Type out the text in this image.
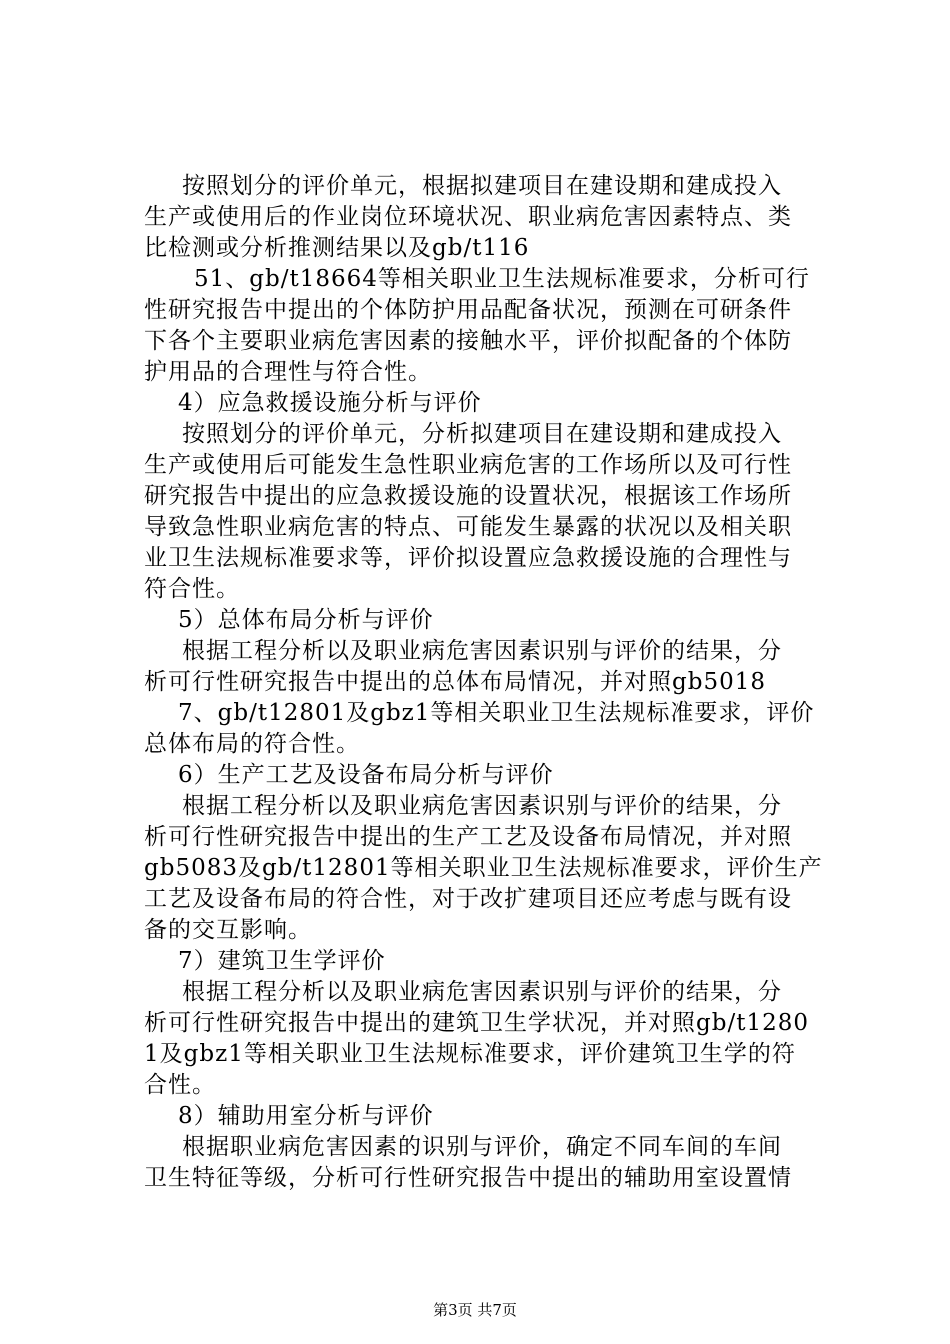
按照划分的评价单元，根据拟建项目在建设期和建成投入
生产或使用后的作业岗位环境状况、职业病危害因素特点、类
比检测或分析推测结果以及gb/t116
51、gb/t18664等相关职业卫生法规标准要求，分析可行
性研究报告中提出的个体防护用品配备状况，预测在可研条件
下各个主要职业病危害因素的接触水平，评价拟配备的个体防
护用品的合理性与符合性。
4）应急救援设施分析与评价
按照划分的评价单元，分析拟建项目在建设期和建成投入
生产或使用后可能发生急性职业病危害的工作场所以及可行性
研究报告中提出的应急救援设施的设置状况，根据该工作场所
导致急性职业病危害的特点、可能发生暴露的状况以及相关职
业卫生法规标准要求等，评价拟设置应急救援设施的合理性与
符合性。
5）总体布局分析与评价
根据工程分析以及职业病危害因素识别与评价的结果，分
析可行性研究报告中提出的总体布局情况，并对照gb5018
7、gb/t12801及gbz1等相关职业卫生法规标准要求，评价
总体布局的符合性。
6）生产工艺及设备布局分析与评价
根据工程分析以及职业病危害因素识别与评价的结果，分
析可行性研究报告中提出的生产工艺及设备布局情况，并对照
gb5083及gb/t12801等相关职业卫生法规标准要求，评价生产
工艺及设备布局的符合性，对于改扩建项目还应考虑与既有设
备的交互影响。
7）建筑卫生学评价
根据工程分析以及职业病危害因素识别与评价的结果，分
析可行性研究报告中提出的建筑卫生学状况，并对照gb/t1280
1及gbz1等相关职业卫生法规标准要求，评价建筑卫生学的符
合性。
8）辅助用室分析与评价
根据职业病危害因素的识别与评价，确定不同车间的车间
卫生特征等级，分析可行性研究报告中提出的辅助用室设置情
第3页 共7页
